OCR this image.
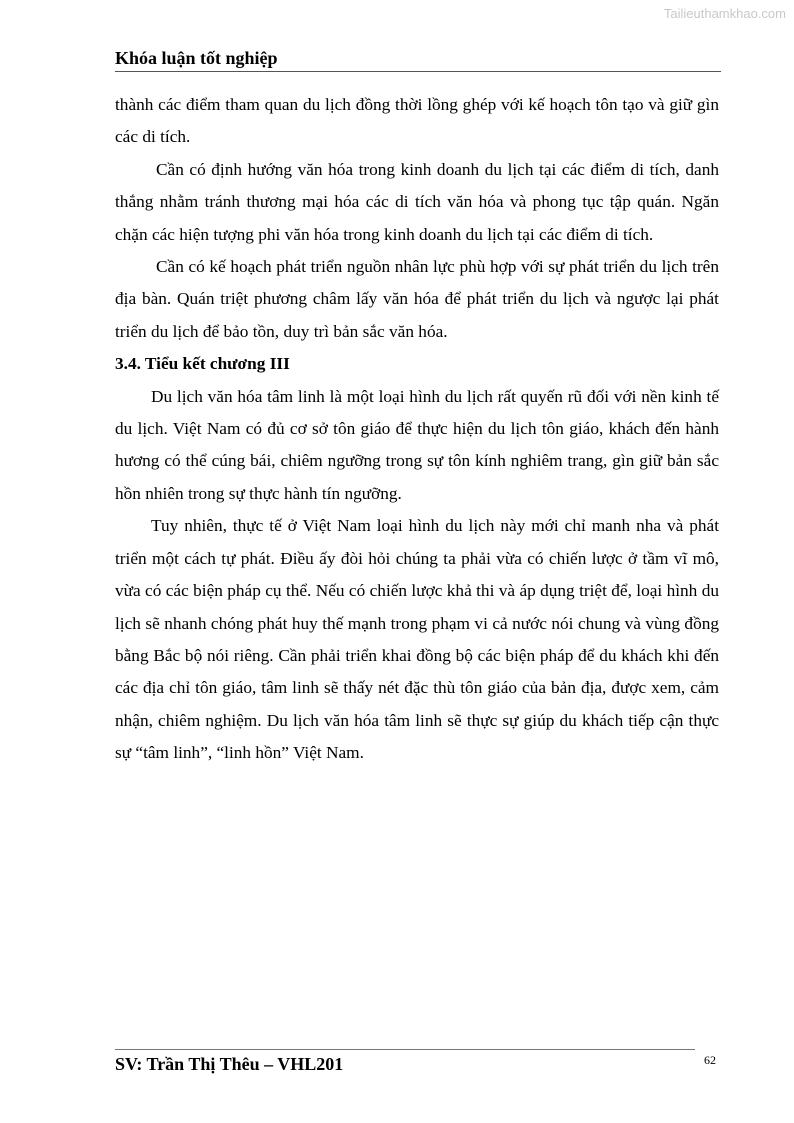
Tailieuthamkhao.com
Khóa luận tốt nghiệp

thành các điểm tham quan du lịch đồng thời lồng ghép với kế hoạch tôn tạo và giữ gìn các di tích.

Cần có định hướng văn hóa trong kinh doanh du lịch tại các điểm di tích, danh thắng nhằm tránh thương mại hóa các di tích văn hóa và phong tục tập quán. Ngăn chặn các hiện tượng phi văn hóa trong kinh doanh du lịch tại các điểm di tích.

Cần có kế hoạch phát triển nguồn nhân lực phù hợp với sự phát triển du lịch trên địa bàn. Quán triệt phương châm lấy văn hóa để phát triển du lịch và ngược lại phát triển du lịch để bảo tồn, duy trì bản sắc văn hóa.

3.4. Tiểu kết chương III

Du lịch văn hóa tâm linh là một loại hình du lịch rất quyến rũ đối với nền kinh tế du lịch. Việt Nam có đủ cơ sở tôn giáo để thực hiện du lịch tôn giáo, khách đến hành hương có thể cúng bái, chiêm ngưỡng trong sự tôn kính nghiêm trang, gìn giữ bản sắc hồn nhiên trong sự thực hành tín ngưỡng.

Tuy nhiên, thực tế ở Việt Nam loại hình du lịch này mới chỉ manh nha và phát triển một cách tự phát. Điều ấy đòi hỏi chúng ta phải vừa có chiến lược ở tầm vĩ mô, vừa có các biện pháp cụ thể. Nếu có chiến lược khả thi và áp dụng triệt để, loại hình du lịch sẽ nhanh chóng phát huy thế mạnh trong phạm vi cả nước nói chung và vùng đồng bằng Bắc bộ nói riêng. Cần phải triển khai đồng bộ các biện pháp để du khách khi đến các địa chỉ tôn giáo, tâm linh sẽ thấy nét đặc thù tôn giáo của bản địa, được xem, cảm nhận, chiêm nghiệm. Du lịch văn hóa tâm linh sẽ thực sự giúp du khách tiếp cận thực sự “tâm linh”, “linh hồn” Việt Nam.

SV: Trần Thị Thêu – VHL201	62
